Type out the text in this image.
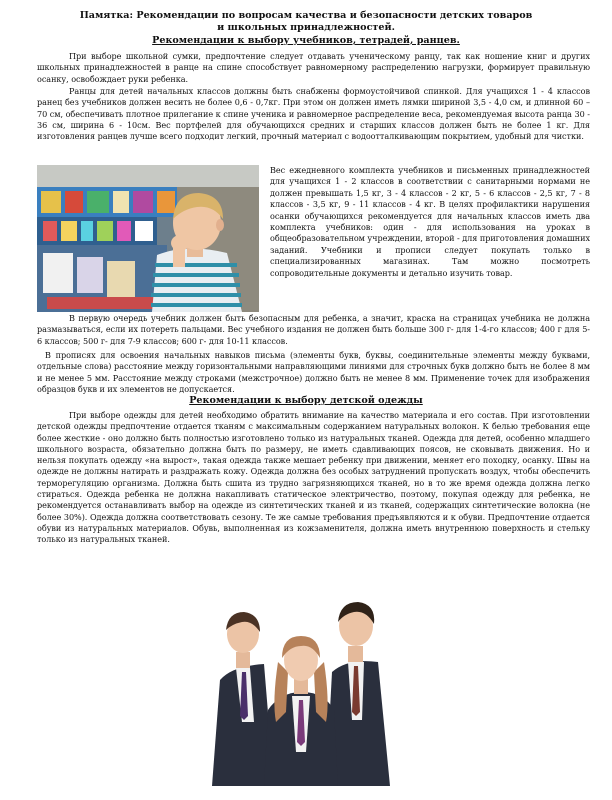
Памятка: Рекомендации по вопросам качества и безопасности детских товаров
и школьных принадлежностей.
Рекомендации к выбору учебников, тетрадей, ранцев.

При выборе школьной сумки, предпочтение следует отдавать ученическому ранцу, так как ношение книг и других школьных принадлежностей в ранце на спине способствует равномерному распределению нагрузки, формирует правильную осанку, освобождает руки ребенка.

Ранцы для детей начальных классов должны быть снабжены формоустойчивой спинкой. Для учащихся 1 - 4 классов ранец без учебников должен весить не более 0,6 - 0,7кг. При этом он должен иметь лямки шириной 3,5 - 4,0 см, и длинной 60 – 70 см, обеспечивать плотное прилегание к спине ученика и равномерное распределение веса, рекомендуемая высота ранца 30 - 36 см, ширина 6 - 10см. Вес портфелей для обучающихся средних и старших классов должен быть не более 1 кг. Для изготовления ранцев лучше всего подходит легкий, прочный материал с водоотталкивающим покрытием, удобный для чистки.

Вес ежедневного комплекта учебников и письменных принадлежностей для учащихся 1 - 2 классов в соответствии с санитарными нормами не должен превышать 1,5 кг, 3 - 4 классов - 2 кг, 5 - 6 классов - 2,5 кг, 7 - 8 классов - 3,5 кг, 9 - 11 классов - 4 кг. В целях профилактики нарушения осанки обучающихся рекомендуется для начальных классов иметь два комплекта учебников: один - для использования на уроках в общеобразовательном учреждении, второй - для приготовления домашних заданий. Учебники и прописи следует покупать только в специализированных магазинах. Там можно посмотреть сопроводительные документы и детально изучить товар.

В первую очередь учебник должен быть безопасным для ребенка, а значит, краска на страницах учебника не должна размазываться, если их потереть пальцами. Вес учебного издания не должен быть больше 300 г- для 1-4-го классов; 400 г для 5-6 классов; 500 г- для 7-9 классов; 600 г- для 10-11 классов.

В прописях для освоения начальных навыков письма (элементы букв, буквы, соединительные элементы между буквами, отдельные слова) расстояние между горизонтальными направляющими линиями для строчных букв должно быть не более 8 мм и не менее 5 мм. Расстояние между строками (межстрочное) должно быть не менее 8 мм. Применение точек для изображения образцов букв и их элементов не допускается.

Рекомендации к выбору детской одежды

При выборе одежды для детей необходимо обратить внимание на качество материала и его состав. При изготовлении детской одежды предпочтение отдается тканям с максимальным содержанием натуральных волокон. К белью требования еще более жесткие - оно должно быть полностью изготовлено только из натуральных тканей. Одежда для детей, особенно младшего школьного возраста, обязательно должна быть по размеру, не иметь сдавливающих поясов, не сковывать движения. Но и нельзя покупать одежду «на вырост», такая одежда также мешает ребенку при движении, меняет его походку, осанку. Швы на одежде не должны натирать и раздражать кожу. Одежда должна без особых затруднений пропускать воздух, чтобы обеспечить терморегуляцию организма. Должна быть сшита из трудно загрязняющихся тканей, но в то же время одежда должна легко стираться. Одежда ребенка не должна накапливать статическое электричество, поэтому, покупая одежду для ребенка, не рекомендуется останавливать выбор на одежде из синтетических тканей и из тканей, содержащих синтетические волокна (не более 30%). Одежда должна соответствовать сезону. Те же самые требования предъявляются и к обуви. Предпочтение отдается обуви из натуральных материалов. Обувь, выполненная из кожзаменителя, должна иметь внутреннюю поверхность и стельку только из натуральных тканей.
